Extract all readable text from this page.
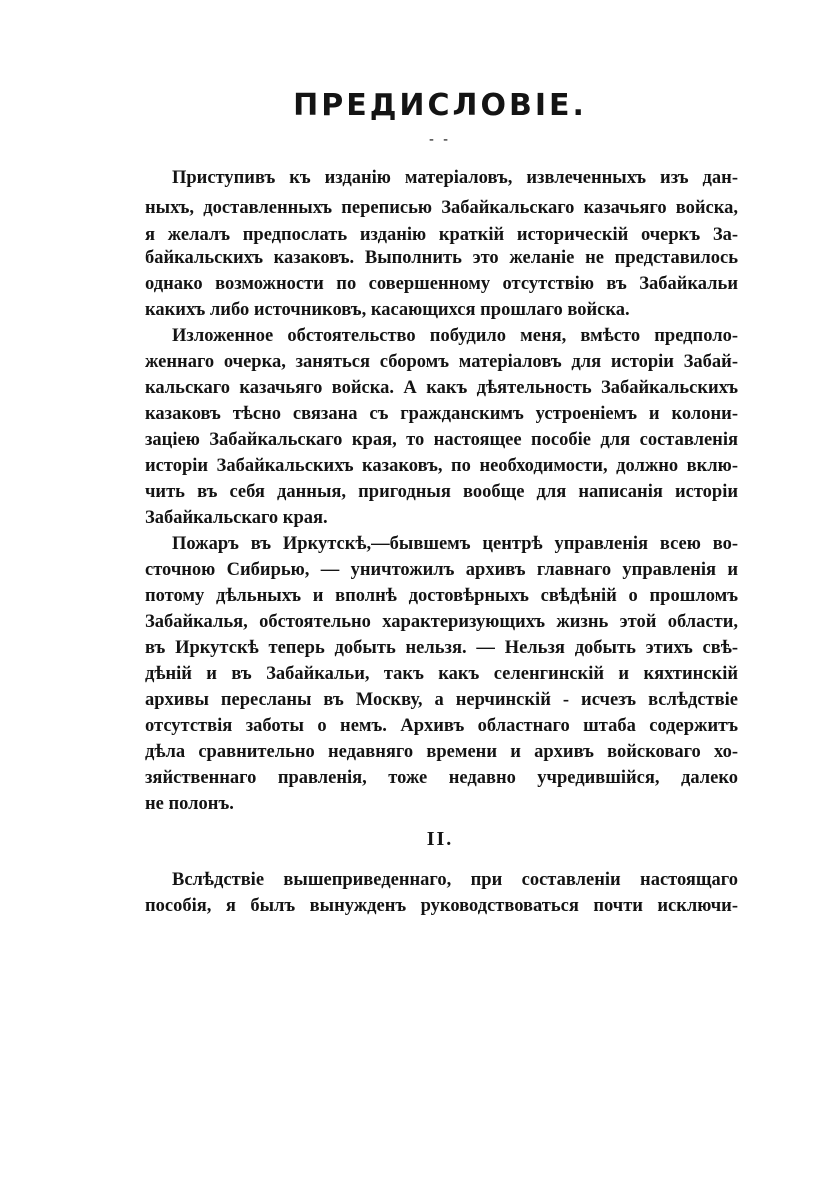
ПРЕДИСЛОВІЕ.
- -
Приступивъ къ изданію матеріаловъ, извлеченныхъ изъ дан-
ныхъ, доставленныхъ переписью Забайкальскаго казачьяго войска,
я желалъ предпослать изданію краткій историческій очеркъ За-
байкальскихъ казаковъ. Выполнить это желаніе не представилось
однако возможности по совершенному отсутствію въ Забайкальи
какихъ либо источниковъ, касающихся прошлаго войска.
Изложенное обстоятельство побудило меня, вмѣсто предполо-
женнаго очерка, заняться сборомъ матеріаловъ для исторіи Забай-
кальскаго казачьяго войска. А какъ дѣятельность Забайкальскихъ
казаковъ тѣсно связана съ гражданскимъ устроеніемъ и колони-
заціею Забайкальскаго края, то настоящее пособіе для составленія
исторіи Забайкальскихъ казаковъ, по необходимости, должно вклю-
чить въ себя данныя, пригодныя вообще для написанія исторіи
Забайкальскаго края.
Пожаръ въ Иркутскѣ,—бывшемъ центрѣ управленія всею во-
сточною Сибирью, — уничтожилъ архивъ главнаго управленія и
потому дѣльныхъ и вполнѣ достовѣрныхъ свѣдѣній о прошломъ
Забайкалья, обстоятельно характеризующихъ жизнь этой области,
въ Иркутскѣ теперь добыть нельзя. — Нельзя добыть этихъ свѣ-
дѣній и въ Забайкальи, такъ какъ селенгинскій и кяхтинскій
архивы пересланы въ Москву, а нерчинскій - исчезъ вслѣдствіе
отсутствія заботы о немъ. Архивъ областнаго штаба содержитъ
дѣла сравнительно недавняго времени и архивъ войсковаго хо-
зяйственнаго правленія, тоже недавно учредившійся, далеко
не полонъ.
II.
Вслѣдствіе вышеприведеннаго, при составленіи настоящаго
пособія, я былъ вынужденъ руководствоваться почти исключи-
